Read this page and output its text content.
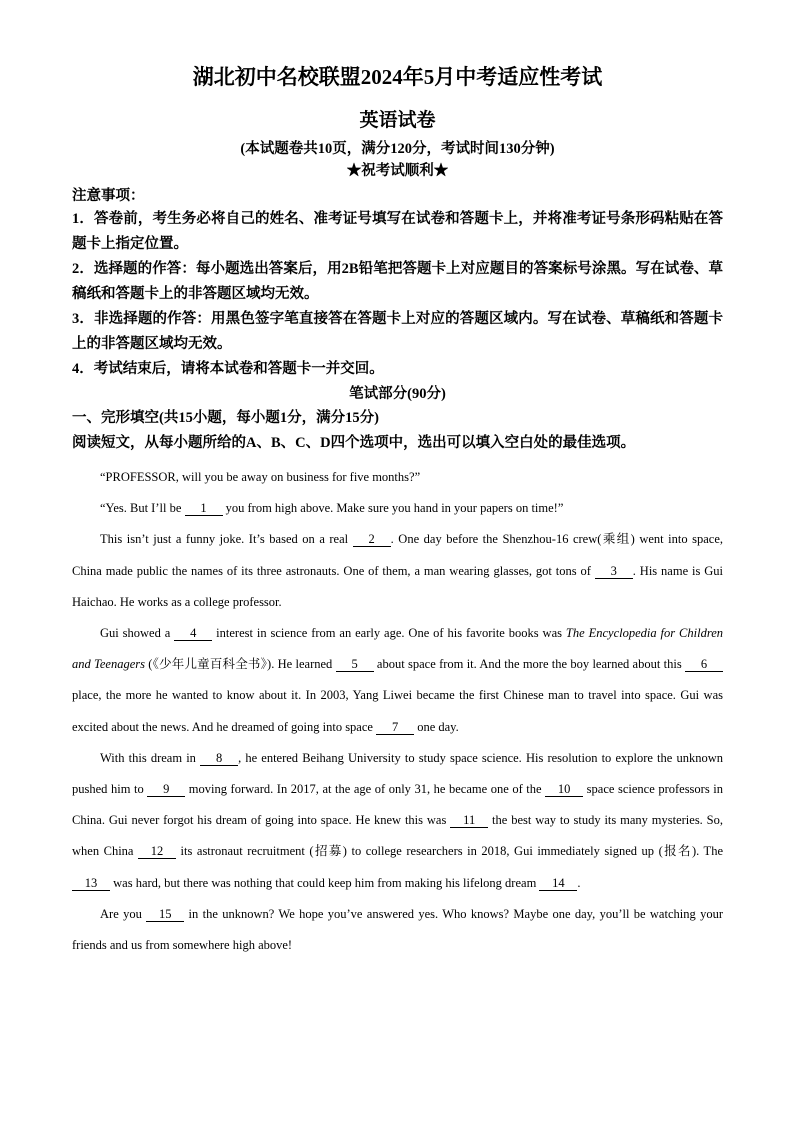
湖北初中名校联盟2024年5月中考适应性考试
英语试卷
(本试题卷共10页，满分120分，考试时间130分钟)
★祝考试顺利★
注意事项：
1．答卷前，考生务必将自己的姓名、准考证号填写在试卷和答题卡上，并将准考证号条形码粘贴在答题卡上指定位置。
2．选择题的作答：每小题选出答案后，用2B铅笔把答题卡上对应题目的答案标号涂黑。写在试卷、草稿纸和答题卡上的非答题区域均无效。
3．非选择题的作答：用黑色签字笔直接答在答题卡上对应的答题区域内。写在试卷、草稿纸和答题卡上的非答题区域均无效。
4．考试结束后，请将本试卷和答题卡一并交回。
笔试部分(90分)
一、完形填空(共15小题，每小题1分，满分15分)
阅读短文，从每小题所给的A、B、C、D四个选项中，选出可以填入空白处的最佳选项。

“PROFESSOR, will you be away on business for five months?”

“Yes. But I’ll be 1 you from high above. Make sure you hand in your papers on time!”

This isn’t just a funny joke. It’s based on a real 2 . One day before the Shenzhou-16 crew(乘组) went into space, China made public the names of its three astronauts. One of them, a man wearing glasses, got tons of 3 . His name is Gui Haichao. He works as a college professor.

Gui showed a 4 interest in science from an early age. One of his favorite books was The Encyclopedia for Children and Teenagers (《少年儿童百科全书》). He learned 5 about space from it. And the more the boy learned about this 6 place, the more he wanted to know about it. In 2003, Yang Liwei became the first Chinese man to travel into space. Gui was excited about the news. And he dreamed of going into space 7 one day.

With this dream in 8 , he entered Beihang University to study space science. His resolution to explore the unknown pushed him to 9 moving forward. In 2017, at the age of only 31, he became one of the 10 space science professors in China. Gui never forgot his dream of going into space. He knew this was 11 the best way to study its many mysteries. So, when China 12 its astronaut recruitment (招募) to college researchers in 2018, Gui immediately signed up (报名). The 13 was hard, but there was nothing that could keep him from making his lifelong dream 14 .

Are you 15 in the unknown? We hope you’ve answered yes. Who knows? Maybe one day, you’ll be watching your friends and us from somewhere high above!
